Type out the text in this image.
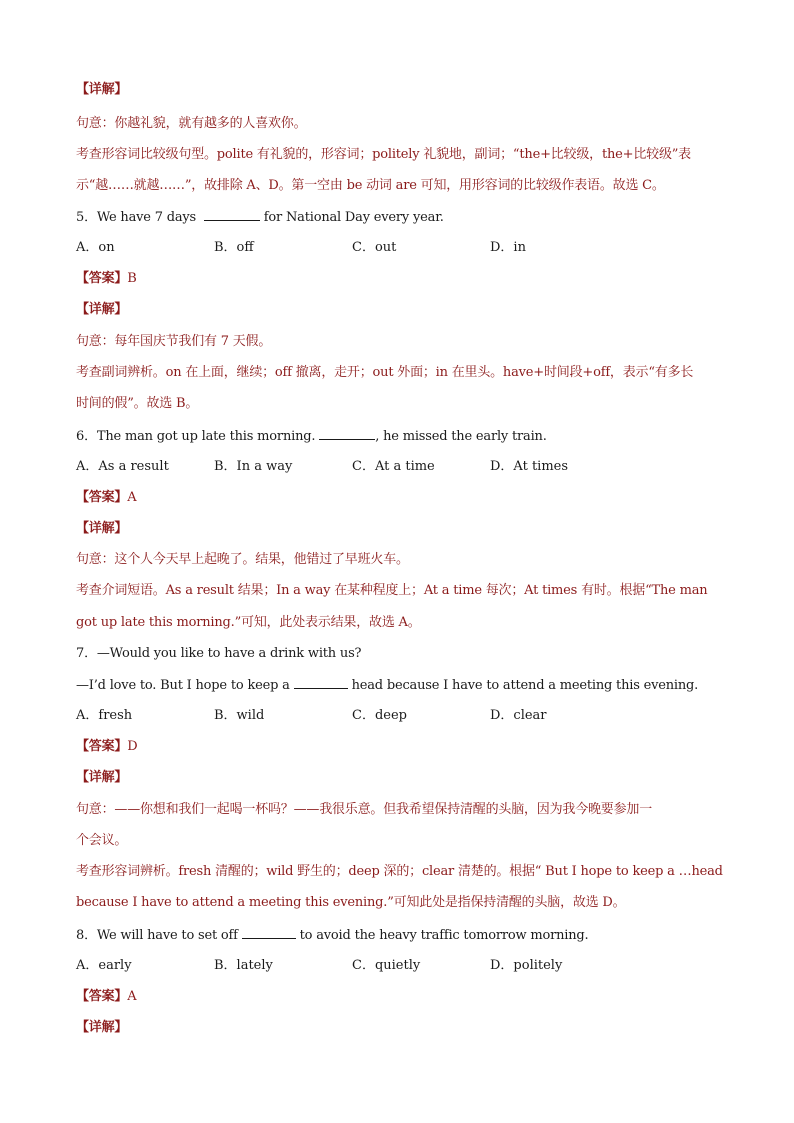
【详解】
句意：你越礼貌，就有越多的人喜欢你。
考查形容词比较级句型。polite 有礼貌的，形容词；politely 礼貌地，副词；“the+比较级，the+比较级”表
示“越……就越……”，故排除 A、D。第一空由 be 动词 are 可知，用形容词的比较级作表语。故选 C。
5．We have 7 days	for National Day every year.
A．on	B．off	C．out	D．in
【答案】B
【详解】
句意：每年国庆节我们有 7 天假。
考查副词辨析。on 在上面，继续；off 撤离，走开；out 外面；in 在里头。have+时间段+off，表示“有多长
时间的假”。故选 B。
6．The man got up late this morning.	, he missed the early train.
A．As a result	B．In a way	C．At a time	D．At times
【答案】A
【详解】
句意：这个人今天早上起晚了。结果，他错过了早班火车。
考查介词短语。As a result 结果；In a way 在某种程度上；At a time 每次；At times 有时。根据“The man
got up late this morning.”可知，此处表示结果，故选 A。
7．—Would you like to have a drink with us?
—I’d love to. But I hope to keep a	head because I have to attend a meeting this evening.
A．fresh	B．wild	C．deep	D．clear
【答案】D
【详解】
句意：——你想和我们一起喝一杯吗？——我很乐意。但我希望保持清醒的头脑，因为我今晚要参加一
个会议。
考查形容词辨析。fresh 清醒的；wild 野生的；deep 深的；clear 清楚的。根据“ But I hope to keep a …head
because I have to attend a meeting this evening.”可知此处是指保持清醒的头脑，故选 D。
8．We will have to set off	to avoid the heavy traffic tomorrow morning.
A．early	B．lately	C．quietly	D．politely
【答案】A
【详解】
